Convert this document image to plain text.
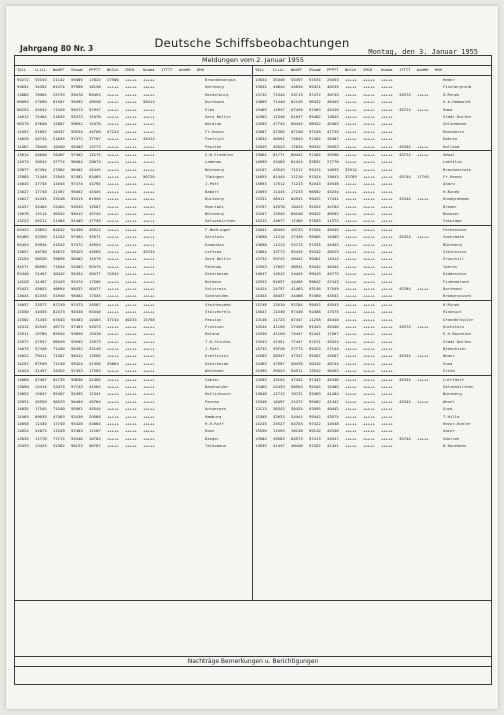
Jahrgang 80 Nr. 3	Deutsche Schiffsbeobachtungen
Montag, den 3. Januar 1955
Meldungen vom 2. Januar 1955
YQLL LLLLL NddFF VVwwW PPPTT NhCLh CMCH Hwaaa 1TTTT bddHH HHH	YQLL LLLLL NddFF VVwwW PPPTT NhCLh CMCH Hwaaa 1TTTT bddHH HHH
94272 55154 21142 59489 17024 27506 +++++ +++++	Brandenbergia
94652 34492 01474 97908 10148 +++++ +++++ +++++	Hartburg
13085 70902 23733 99470 89455 +++++ +++++ +++++	Heidelburg
96094 27099 01507 99492 48558 +++++ +++++ 90414	Dortmund
96252 45542 71526 99473 97947 +++++ +++++ +++++	Elbe
14612 72404 21035 93473 15476 +++++ +++++ +++++	Gera Baltic
96379 57640 12807 99052 15470 +++++ +++++ +++++	Waldrup
14452 51092 10437 99254 44708 57124 +++++ +++++	Fr.Hanse
14628 44744 21035 97472 37707 +++++ +++++ 45414	Fonfrich
14367 70440 10440 95403 13773 +++++ +++++ +++++	Passion
13614 44040 20407 97402 14275 +++++ +++++ +++++	S.W.Fredelen
14374 20542 47774 98464 20674 +++++ +++++ +++++	Ladenan
13077 07494 27902 96402 45445 +++++ +++++ +++++	Nürnberg
13985 71440 22945 97482 65485 +++++ +++++ 90720	Tübingen
14045 47745 11045 97474 44795 +++++ +++++ +++++	J.Pott
13027 17740 22497 99402 44445 +++++ +++++ +++++	Babort
14027 41445 25248 93413 61945 +++++ +++++ +++++	Duisburg
14437 35404 22402 94535 15507 +++++ +++++ +++++	Hooriani
13676 12114 30542 96412 45745 +++++ +++++ +++++	Nürnberg
13223 45211 21404 91405 47745 +++++ +++++ +++++	Gelsenkirchen
94433 43652 04552 91456 45524 +++++ +++++ +++++	F.Bodlinger
94465 52359 21442 97494 35571 +++++ +++++ +++++	Gerstain
94454 53944 41542 97472 45554 +++++ +++++ +++++	Oceandia
13057 40730 94672 99425 44565 +++++ +++++ 45744	Loftsea
14254 30330 39056 98402 15579 +++++ +++++ +++++	Gera Baltic
94271 96592 71944 93403 55574 +++++ +++++ +++++	Parknau
92440 21407 36442 95434 40377 12542 +++++ +++++	Osterheide
14228 41407 42443 95474 17505 +++++ +++++ +++++	Holbein
93452 45052 46694 98432 40477 +++++ +++++ +++++	Solstrais
14044 01345 51940 98402 17545 +++++ +++++ +++++	Sonnhalden
14037 23577 07749 97473 20507 +++++ +++++ +++++	Steinhundeb
13350 44455 82473 95430 63440 +++++ +++++ +++++	Stolzenfels
13302 71445 07043 95403 10403 37154 40234 15758	Passion
14312 52545 46772 97403 54573 +++++ +++++ +++++	Prussian
13511 15785 85544 93050 13410 +++++ +++++ +++++	Roland
13577 37557 96549 93502 13573 +++++ +++++ +++++	T.H.Stintes
14075 57430 71440 95452 43149 +++++ +++++ +++++	J.Pott
14022 79411 71407 96412 13505 +++++ +++++ +++++	Kraftsvist
14252 97599 71140 99424 47456 35664 +++++ +++++	Osterheide
14424 31457 34452 97453 17503 +++++ +++++ +++++	Westbuen
14060 57407 02735 99836 42405 +++++ +++++ +++++	Cöbier
13050 12414 33473 97743 41564 +++++ +++++ +++++	Bankholder
13052 15047 95407 92495 11541 +++++ +++++ +++++	Hollichanin
13921 45559 36523 90404 45704 +++++ +++++ +++++	Parnau
14035 17545 71540 95562 45544 +++++ +++++ +++++	Antwerpen
14465 09039 47403 92430 20568 +++++ +++++ +++++	Hamburg
14058 11430 17740 95428 54064 +++++ +++++ +++++	H.H.Ruff
14034 41073 11549 97403 11107 +++++ +++++ +++++	Ranz
13935 11778 77174 95446 10704 +++++ +++++ +++++	Bieger
13433 13443 32302 96133 46707 +++++ +++++ +++++	Taldsmann
13034 35446 55497 97534 29453 +++++ +++++ +++++	Heder
13942 44644 44034 99421 46245 +++++ +++++ +++++	Fischergrund
13742 71344 53713 97472 40745 +++++ +++++ +++++ 45574 +++++	H.Minek
13065 71440 62145 98432 46445 +++++ +++++ +++++	A.A.Hamboldt
13465 14947 07449 97403 45410 +++++ +++++ +++++ 45724 +++++	Roma
14365 11340 01557 95402 13045 +++++ +++++ +++++	Stadt Dorten
13585 47744 80445 98452 45465 +++++ +++++ +++++	Gelsenbeek
13007 47305 07248 97349 47745 +++++ +++++ +++++	Rensberin
13034 40592 74043 97402 45407 +++++ +++++ +++++	Kakrau
12045 45543 17034 99432 26553 +++++ +++++ +++++ 45344 +++++	Holland
13064 81771 80442 97402 45596 +++++ +++++ +++++ 45724 +++++	Gewal
14099 43403 81424 93952 27776 +++++ +++++ +++++	Laetitia
14107 43543 71217 95474 14035 35514 +++++ +++++	Brackenstein
14055 01444 21210 97424 15043 33709 +++++ +++++ 45744 17749	Fr.Hanse
13093 17512 71213 92443 45546 +++++ +++++ +++++	Andro
13093 11445 17233 96502 45254 +++++ +++++ +++++	H.Ninek
13331 40411 04541 99422 17441 +++++ +++++ +++++ 45344 +++++	Hundgrabeem
13707 42578 10413 92452 44704 +++++ +++++ +++++	Bremer
13107 13544 80246 99432 46592 +++++ +++++ +++++	Nanover
14315 44677 17405 97503 11575 +++++ +++++ +++++	Fasnidge
13041 48445 49733 97454 49445 +++++ +++++ +++++	Ferkestone
13698 11214 27449 99405 14405 +++++ +++++ +++++ 45324 +++++	Saxerbach
13698 11213 25713 97435 44455 +++++ +++++ +++++	Nürnberg
13064 33773 95434 92442 48525 +++++ +++++ +++++	Steinstein
13734 59742 49442 99461 14414 +++++ +++++ +++++	Gruuchill
13553 17047 48541 93442 40444 +++++ +++++ +++++	Yperes
14647 14512 24445 99443 44775 +++++ +++++ +++++	Hiddestein
13553 91037 44405 99042 47443 +++++ +++++ +++++	Findenbrand
14424 24757 41403 93136 37549 +++++ +++++ +++++ 45764 +++++	Dortmund
13454 40437 44406 97460 45541 +++++ +++++ +++++	Brodgrosssen
13748 13510 92704 99452 45543 +++++ +++++ +++++	H.Minek
13047 11540 97440 92408 17575 +++++ +++++ +++++	Rinkhust
13148 11723 07447 11258 45440 +++++ +++++ +++++	Grandbrüssler
14544 41150 27449 91443 45440 +++++ +++++ +++++ 45574 +++++	Kuchstein
13530 41150 74447 92441 17507 +++++ +++++ +++++	E.H.Bockelen
13543 47451 77447 97471 49424 +++++ +++++ +++++	Stadt Dorten
14735 59726 27773 95423 27144 +++++ +++++ +++++	Bieenktzer
14505 30347 47347 95407 44507 +++++ +++++ +++++ 45344 +++++	Neuer
13465 47597 50470 50442 40744 +++++ +++++ +++++	Guna
13495 59543 94511 13542 40455 +++++ +++++ +++++	Erika
13585 43154 47442 97442 45446 +++++ +++++ +++++ 45344 +++++	Luftfahrt
13465 24433 50554 92445 15405 +++++ +++++ +++++	Gelsenkirchen
13048 11713 19731 93403 41404 +++++ +++++ +++++	Nürnberg
13348 10497 21472 99402 41442 +++++ +++++ +++++ 45344 +++++	Wesel
13113 36343 30425 93495 40442 +++++ +++++ +++++	Guna
13305 42033 24441 99442 43575 +++++ +++++ +++++	T.Hille
14245 25527 64754 97422 14548 +++++ +++++ +++++	Heinr.Kohler
13550 11553 10130 99142 44348 +++++ +++++ +++++	Gaier
13904 49503 64573 97413 44547 +++++ +++++ +++++ 45744 +++++	Gdelsen
13035 41447 48440 97452 41441 +++++ +++++ +++++	B.Kaufmann
Nachträge Bemerkungen u. Berichtigungen
